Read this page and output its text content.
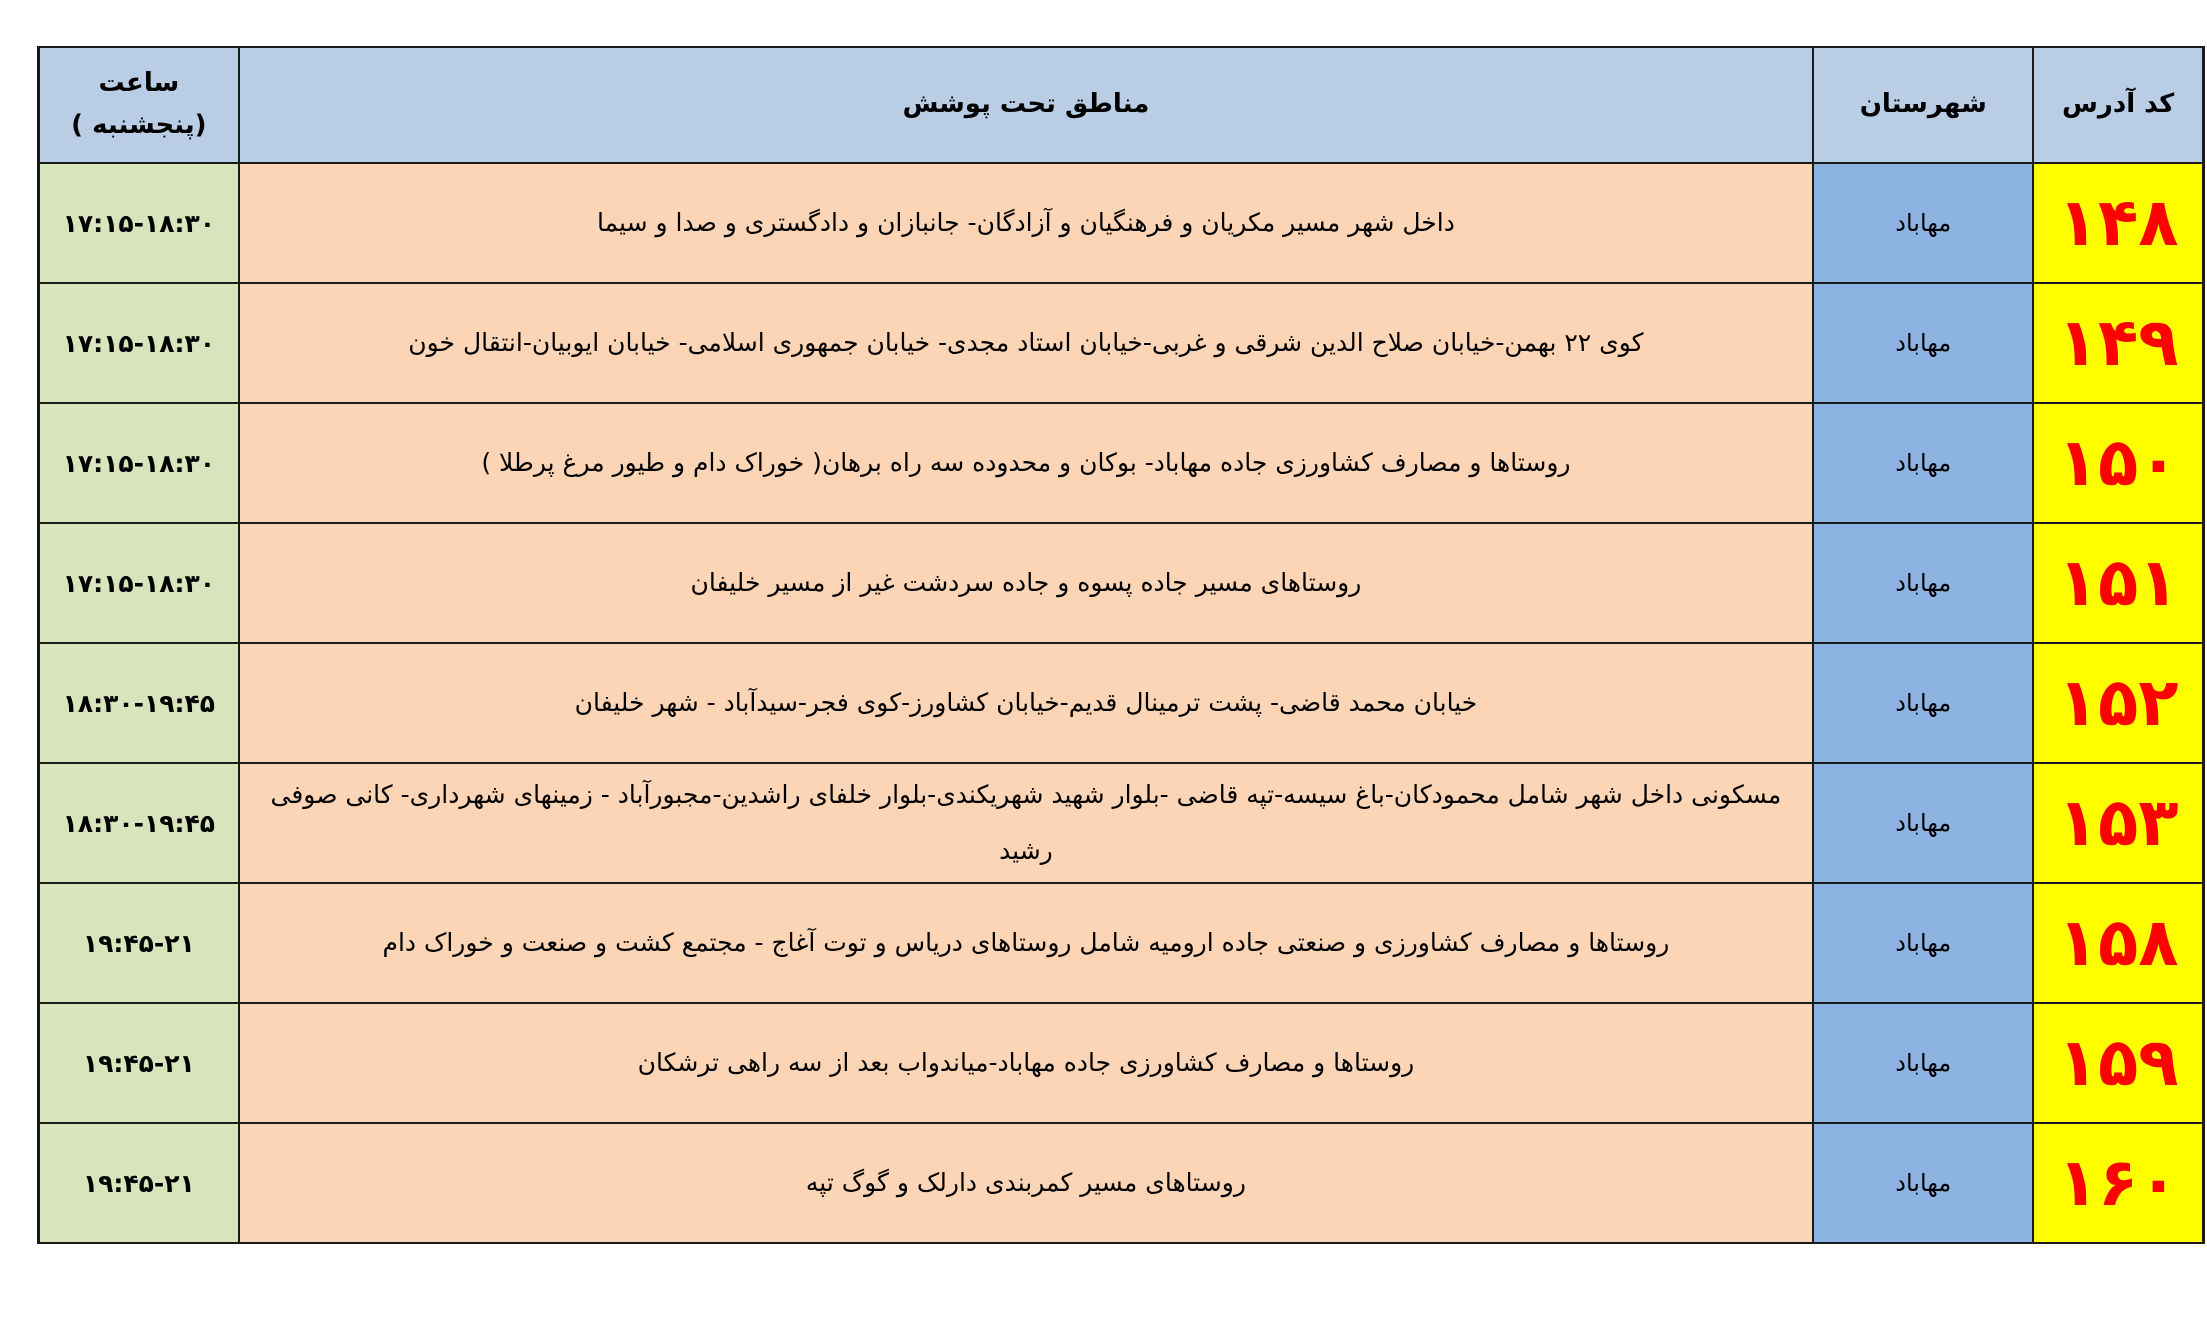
کد آدرس	شهرستان	مناطق تحت پوشش	ساعت
(پنجشنبه )

۱۴۸	مهاباد	داخل شهر مسیر مکریان و فرهنگیان و آزادگان- جانبازان و دادگستری و صدا و سیما	۱۷:۱۵-۱۸:۳۰
۱۴۹	مهاباد	کوی ۲۲ بهمن-خیابان صلاح الدین شرقی و غربی-خیابان استاد مجدی- خیابان جمهوری اسلامی- خیابان ایوبیان-انتقال خون	۱۷:۱۵-۱۸:۳۰
۱۵۰	مهاباد	روستاها و مصارف کشاورزی جاده مهاباد- بوکان و محدوده سه راه برهان( خوراک دام و طیور مرغ پرطلا )	۱۷:۱۵-۱۸:۳۰
۱۵۱	مهاباد	روستاهای مسیر جاده پسوه و جاده سردشت غیر از مسیر خلیفان	۱۷:۱۵-۱۸:۳۰
۱۵۲	مهاباد	خیابان محمد قاضی- پشت ترمینال قدیم-خیابان کشاورز-کوی فجر-سیدآباد - شهر خلیفان	۱۸:۳۰-۱۹:۴۵
۱۵۳	مهاباد	مسکونی داخل شهر شامل محمودکان-باغ سیسه-تپه قاضی -بلوار شهید شهریکندی-بلوار خلفای راشدین-مجبورآباد - زمینهای شهرداری- کانی صوفی رشید	۱۸:۳۰-۱۹:۴۵
۱۵۸	مهاباد	روستاها و مصارف کشاورزی و صنعتی جاده ارومیه شامل روستاهای دریاس و توت آغاج - مجتمع کشت و صنعت و خوراک دام	۱۹:۴۵-۲۱
۱۵۹	مهاباد	روستاها و مصارف کشاورزی جاده مهاباد-میاندواب بعد از سه راهی ترشکان	۱۹:۴۵-۲۱
۱۶۰	مهاباد	روستاهای مسیر کمربندی دارلک و گوگ تپه	۱۹:۴۵-۲۱
